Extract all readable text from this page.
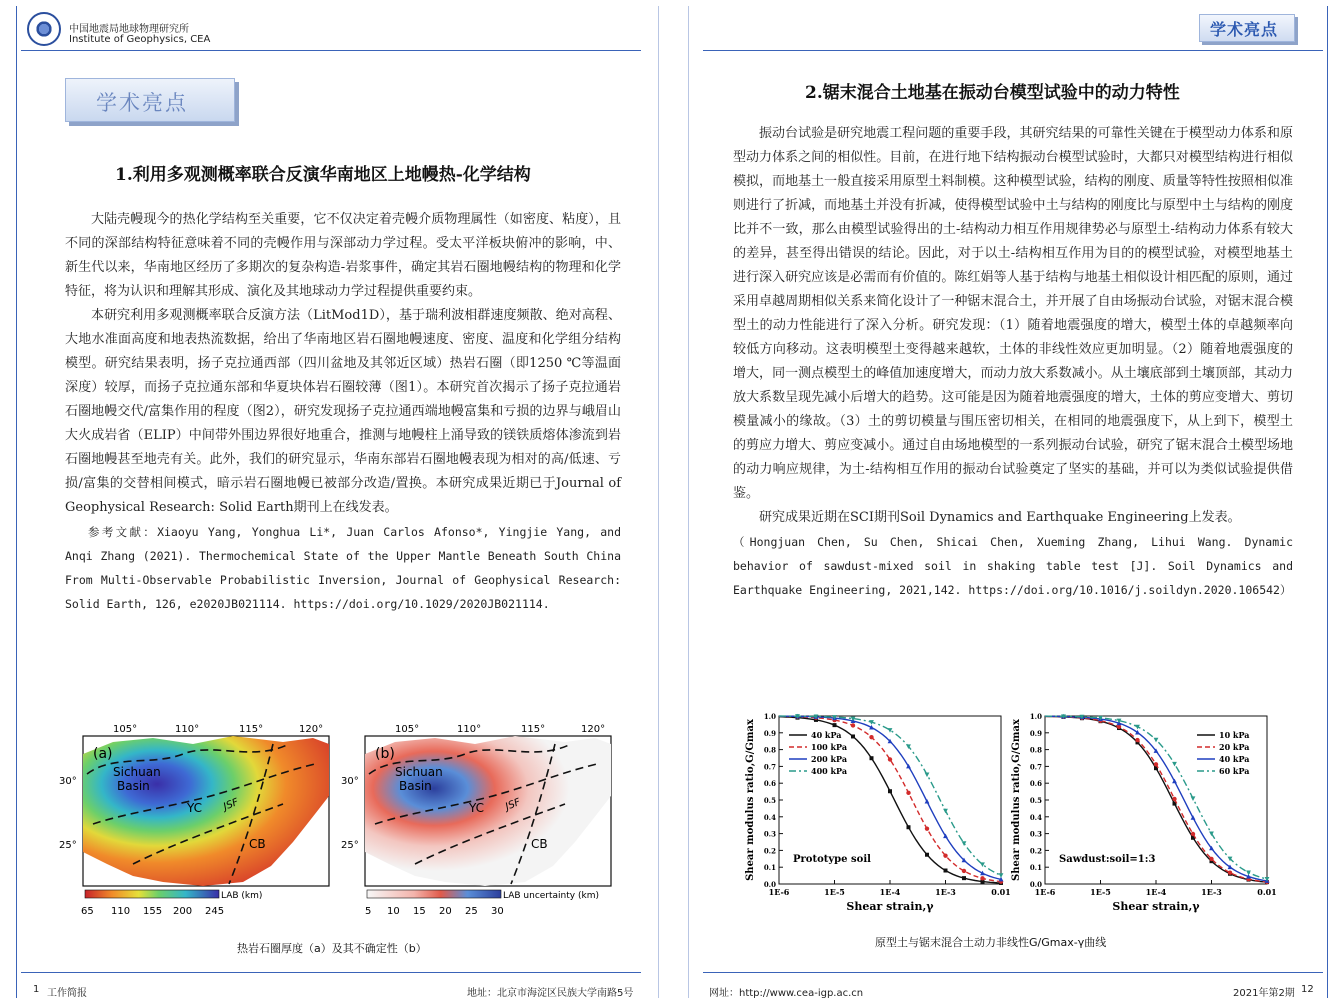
中国地震局地球物理研究所
Institute of Geophysics, CEA
学术亮点
1.利用多观测概率联合反演华南地区上地幔热-化学结构

大陆壳幔现今的热化学结构至关重要，它不仅决定着壳幔介质物理属性（如密度、粘度），且不同的深部结构特征意味着不同的壳幔作用与深部动力学过程。受太平洋板块俯冲的影响，中、新生代以来，华南地区经历了多期次的复杂构造-岩浆事件，确定其岩石圈地幔结构的物理和化学特征，将为认识和理解其形成、演化及其地球动力学过程提供重要约束。

本研究利用多观测概率联合反演方法（LitMod1D），基于瑞利波相群速度频散、绝对高程、大地水准面高度和地表热流数据，给出了华南地区岩石圈地幔速度、密度、温度和化学组分结构模型。研究结果表明，扬子克拉通西部（四川盆地及其邻近区域）热岩石圈（即1250 ℃等温面深度）较厚，而扬子克拉通东部和华夏块体岩石圈较薄（图1）。本研究首次揭示了扬子克拉通岩石圈地幔交代/富集作用的程度（图2），研究发现扬子克拉通西端地幔富集和亏损的边界与峨眉山大火成岩省（ELIP）中间带外围边界很好地重合，推测与地幔柱上涌导致的镁铁质熔体渗流到岩石圈地幔甚至地壳有关。此外，我们的研究显示，华南东部岩石圈地幔表现为相对的高/低速、亏损/富集的交替相间模式，暗示岩石圈地幔已被部分改造/置换。本研究成果近期已于Journal of Geophysical Research: Solid Earth期刊上在线发表。

参考文献：Xiaoyu Yang, Yonghua Li*, Juan Carlos Afonso*, Yingjie Yang, and Anqi Zhang (2021). Thermochemical State of the Upper Mantle Beneath South China From Multi-Observable Probabilistic Inversion, Journal of Geophysical Research: Solid Earth, 126, e2020JB021114. https://doi.org/10.1029/2020JB021114.

(a)
Sichuan
Basin
YC
CB
JSF
105°	110°	115°	120°
30°
25°
LAB (km)
65 110 155 200 245
(b)
Sichuan
Basin
YC
CB
JSF
105°	110°	115°	120°
30°
25°
LAB uncertainty (km)
5 10 15 20 25 30
热岩石圈厚度（a）及其不确定性（b）
1 工作简报	地址：北京市海淀区民族大学南路5号
学术亮点
2.锯末混合土地基在振动台模型试验中的动力特性

振动台试验是研究地震工程问题的重要手段，其研究结果的可靠性关键在于模型动力体系和原型动力体系之间的相似性。目前，在进行地下结构振动台模型试验时，大都只对模型结构进行相似模拟，而地基土一般直接采用原型土料制模。这种模型试验，结构的刚度、质量等特性按照相似准则进行了折减，而地基土并没有折减，使得模型试验中土与结构的刚度比与原型中土与结构的刚度比并不一致，那么由模型试验得出的土-结构动力相互作用规律势必与原型土-结构动力体系有较大的差异，甚至得出错误的结论。因此，对于以土-结构相互作用为目的的模型试验，对模型地基土进行深入研究应该是必需而有价值的。陈红娟等人基于结构与地基土相似设计相匹配的原则，通过采用卓越周期相似关系来简化设计了一种锯末混合土，并开展了自由场振动台试验，对锯末混合模型土的动力性能进行了深入分析。研究发现：（1）随着地震强度的增大，模型土体的卓越频率向较低方向移动。这表明模型土变得越来越软，土体的非线性效应更加明显。（2）随着地震强度的增大，同一测点模型土的峰值加速度增大，而动力放大系数减小。从土壤底部到土壤顶部，其动力放大系数呈现先减小后增大的趋势。这可能是因为随着地震强度的增大，土体的剪应变增大、剪切模量减小的缘故。（3）土的剪切模量与围压密切相关，在相同的地震强度下，从上到下，模型土的剪应力增大、剪应变减小。通过自由场地模型的一系列振动台试验，研究了锯末混合土模型场地的动力响应规律，为土-结构相互作用的振动台试验奠定了坚实的基础，并可以为类似试验提供借鉴。

研究成果近期在SCI期刊Soil Dynamics and Earthquake Engineering上发表。

（Hongjuan Chen, Su Chen, Shicai Chen, Xueming Zhang, Lihui Wang. Dynamic behavior of sawdust-mixed soil in shaking table test [J]. Soil Dynamics and Earthquake Engineering, 2021,142. https://doi.org/10.1016/j.soildyn.2020.106542）

1E-6	1E-5	1E-4	1E-3	0.01
0.0
0.1
0.2
0.3
0.4
0.5
0.6
0.7
0.8
0.9
1.0
Shear strain,γ
Shear modulus ratio,G/Gmax	40 kPa
100 kPa
200 kPa
400 kPa
Prototype soil
1E-6	1E-5	1E-4	1E-3	0.01
0.0
0.1
0.2
0.3
0.4
0.5
0.6
0.7
0.8
0.9
1.0
Shear strain,γ
Shear modulus ratio,G/Gmax	10 kPa
20 kPa
40 kPa
60 kPa
Sawdust:soil=1:3
原型土与锯末混合土动力非线性G/Gmax-γ曲线
网址：http://www.cea-igp.ac.cn	2021年第2期 12
